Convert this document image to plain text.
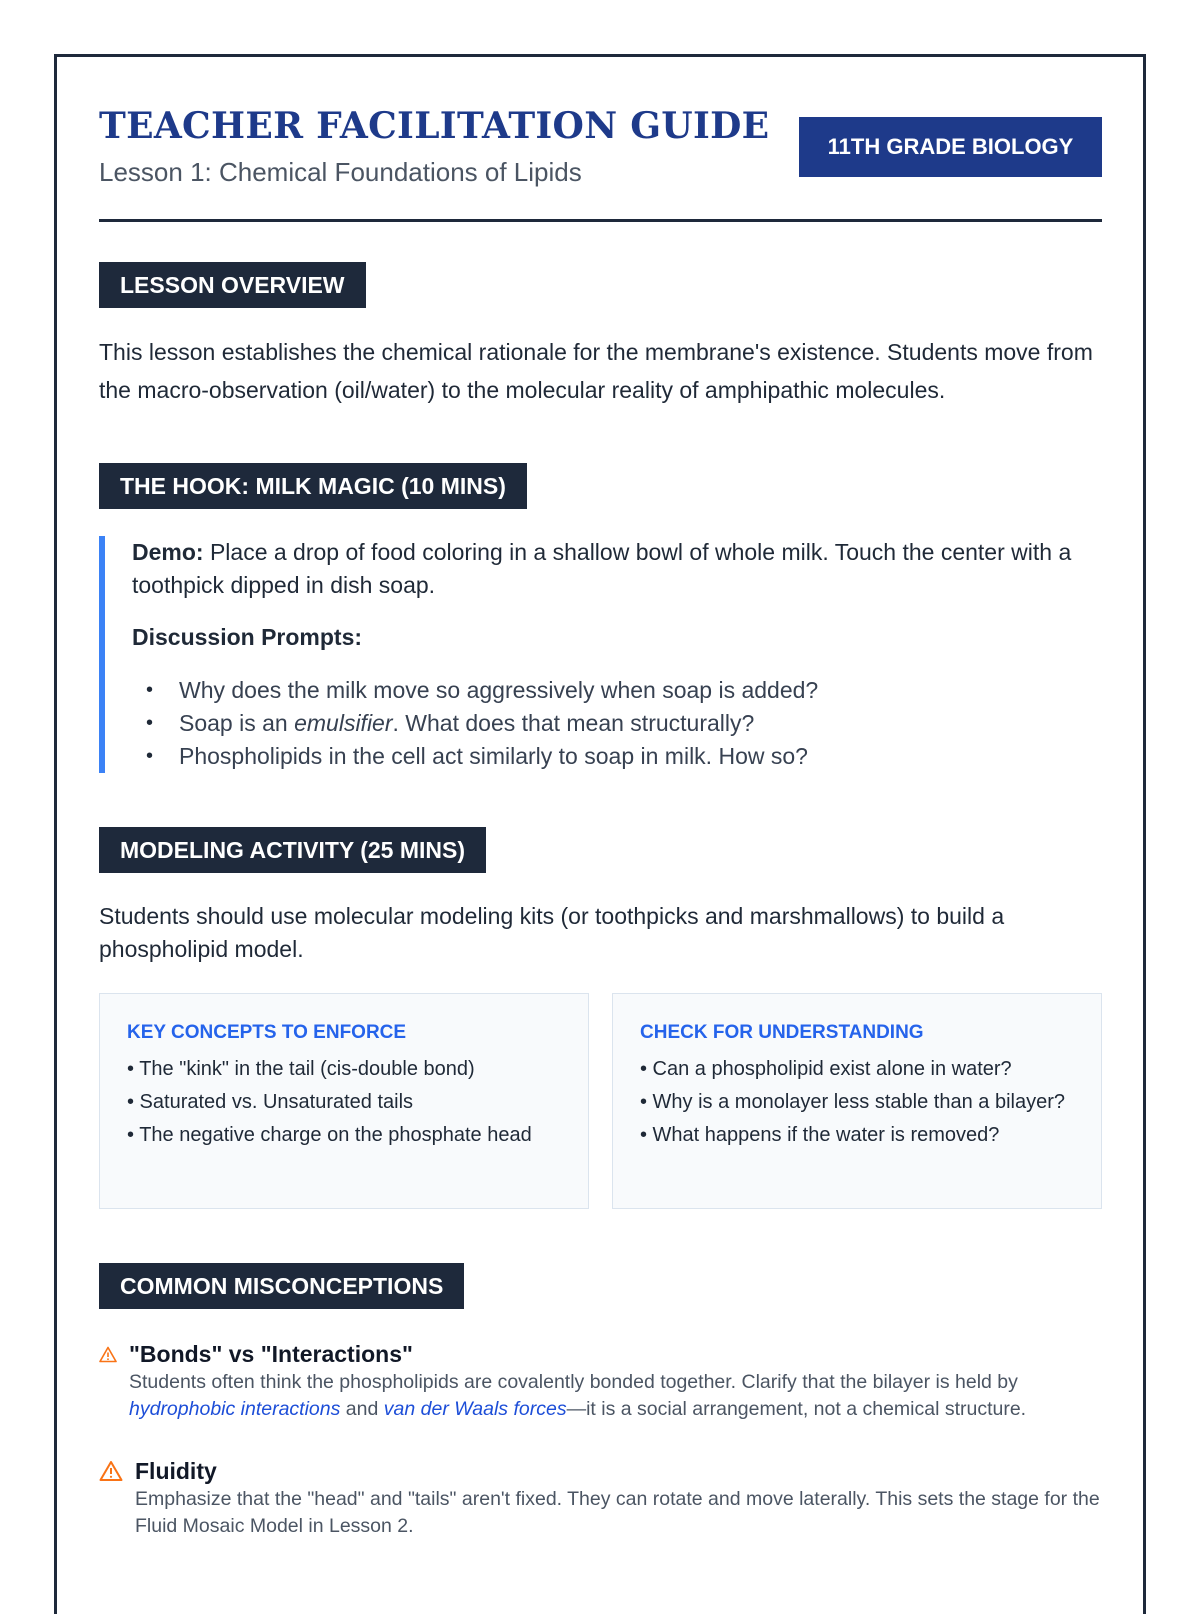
TEACHER FACILITATION GUIDE
Lesson 1: Chemical Foundations of Lipids
11TH GRADE BIOLOGY
LESSON OVERVIEW

This lesson establishes the chemical rationale for the membrane's existence. Students move from the macro-observation (oil/water) to the molecular reality of amphipathic molecules.

THE HOOK: MILK MAGIC (10 MINS)

Demo: Place a drop of food coloring in a shallow bowl of whole milk. Touch the center with a toothpick dipped in dish soap.

Discussion Prompts:

• Why does the milk move so aggressively when soap is added?
• Soap is an emulsifier. What does that mean structurally?
• Phospholipids in the cell act similarly to soap in milk. How so?
MODELING ACTIVITY (25 MINS)

Students should use molecular modeling kits (or toothpicks and marshmallows) to build a phospholipid model.

KEY CONCEPTS TO ENFORCE
• The "kink" in the tail (cis-double bond)
• Saturated vs. Unsaturated tails
• The negative charge on the phosphate head
CHECK FOR UNDERSTANDING
• Can a phospholipid exist alone in water?
• Why is a monolayer less stable than a bilayer?
• What happens if the water is removed?
COMMON MISCONCEPTIONS

"Bonds" vs "Interactions"

Students often think the phospholipids are covalently bonded together. Clarify that the bilayer is held by hydrophobic interactions and van der Waals forces—it is a social arrangement, not a chemical structure.

Fluidity

Emphasize that the "head" and "tails" aren't fixed. They can rotate and move laterally. This sets the stage for the Fluid Mosaic Model in Lesson 2.
